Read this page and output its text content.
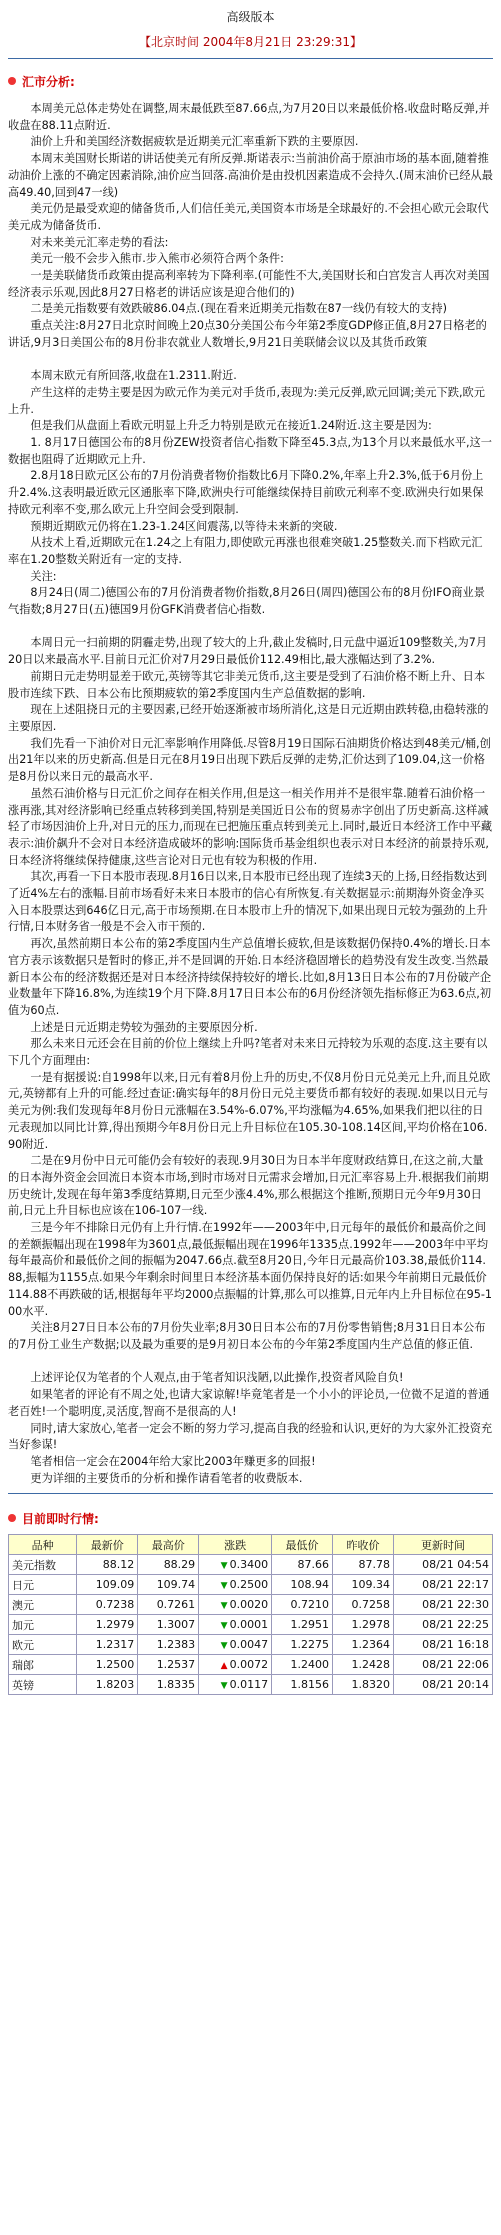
高级版本
【北京时间 2004年8月21日 23:29:31】
汇市分析:

本周美元总体走势处在调整,周末最低跌至87.66点,为7月20日以来最低价格.收盘时略反弹,并收盘在88.11点附近.

油价上升和美国经济数据疲软是近期美元汇率重新下跌的主要原因.

本周末美国财长斯诺的讲话使美元有所反弹.斯诺表示:当前油价高于原油市场的基本面,随着推动油价上涨的不确定因素消除,油价应当回落.高油价是由投机因素造成不会持久.(周末油价已经从最高49.40,回到47一线)

美元仍是最受欢迎的储备货币,人们信任美元,美国资本市场是全球最好的.不会担心欧元会取代美元成为储备货币.

对未来美元汇率走势的看法:

美元一般不会步入熊市.步入熊市必须符合两个条件:

一是美联储货币政策由提高利率转为下降利率.(可能性不大,美国财长和白宫发言人再次对美国经济表示乐观,因此8月27日格老的讲话应该是迎合他们的)

二是美元指数要有效跌破86.04点.(现在看来近期美元指数在87一线仍有较大的支持)

重点关注:8月27日北京时间晚上20点30分美国公布今年第2季度GDP修正值,8月27日格老的讲话,9月3日美国公布的8月份非农就业人数增长,9月21日美联储会议以及其货币政策

本周末欧元有所回落,收盘在1.2311.附近.

产生这样的走势主要是因为欧元作为美元对手货币,表现为:美元反弹,欧元回调;美元下跌,欧元上升.

但是我们从盘面上看欧元明显上升乏力特别是欧元在接近1.24附近.这主要是因为:

1. 8月17日德国公布的8月份ZEW投资者信心指数下降至45.3点,为13个月以来最低水平,这一数据也阻碍了近期欧元上升.

2.8月18日欧元区公布的7月份消费者物价指数比6月下降0.2%,年率上升2.3%,低于6月份上升2.4%.这表明最近欧元区通胀率下降,欧洲央行可能继续保持目前欧元利率不变.欧洲央行如果保持欧元利率不变,那么欧元上升空间会受到限制.

预期近期欧元仍将在1.23-1.24区间震荡,以等待未来新的突破.

从技术上看,近期欧元在1.24之上有阻力,即使欧元再涨也很难突破1.25整数关.而下档欧元汇率在1.20整数关附近有一定的支持.

关注:

8月24日(周二)德国公布的7月份消费者物价指数,8月26日(周四)德国公布的8月份IFO商业景气指数;8月27日(五)德国9月份GFK消费者信心指数.

本周日元一扫前期的阴霾走势,出现了较大的上升,截止发稿时,日元盘中逼近109整数关,为7月20日以来最高水平.目前日元汇价对7月29日最低价112.49相比,最大涨幅达到了3.2%.

前期日元走势明显差于欧元,英镑等其它非美元货币,这主要是受到了石油价格不断上升、日本股市连续下跌、日本公布比预期疲软的第2季度国内生产总值数据的影响.

现在上述阻挠日元的主要因素,已经开始逐渐被市场所消化,这是日元近期由跌转稳,由稳转涨的主要原因.

我们先看一下油价对日元汇率影响作用降低.尽管8月19日国际石油期货价格达到48美元/桶,创出21年以来的历史新高.但是日元在8月19日出现下跌后反弹的走势,汇价达到了109.04,这一价格是8月份以来日元的最高水平.

虽然石油价格与日元汇价之间存在相关作用,但是这一相关作用并不是很牢靠.随着石油价格一涨再涨,其对经济影响已经重点转移到美国,特别是美国近日公布的贸易赤字创出了历史新高.这样减轻了市场因油价上升,对日元的压力,而现在已把施压重点转到美元上.同时,最近日本经济工作中平藏表示:油价飙升不会对日本经济造成破坏的影响:国际货币基金组织也表示对日本经济的前景持乐观,日本经济将继续保持健康,这些言论对日元也有较为积极的作用.

其次,再看一下日本股市表现.8月16日以来,日本股市已经出现了连续3天的上扬,日经指数达到了近4%左右的涨幅.目前市场看好未来日本股市的信心有所恢复.有关数据显示:前期海外资金净买入日本股票达到646亿日元,高于市场预期.在日本股市上升的情况下,如果出现日元较为强劲的上升行情,日本财务省一般是不会入市干预的.

再次,虽然前期日本公布的第2季度国内生产总值增长疲软,但是该数据仍保持0.4%的增长.日本官方表示该数据只是暂时的修正,并不是回调的开始.日本经济稳固增长的趋势没有发生改变.当然最新日本公布的经济数据还是对日本经济持续保持较好的增长.比如,8月13日日本公布的7月份破产企业数量年下降16.8%,为连续19个月下降.8月17日日本公布的6月份经济领先指标修正为63.6点,初值为60点.

上述是日元近期走势较为强劲的主要原因分析.

那么未来日元还会在目前的价位上继续上升吗?笔者对未来日元持较为乐观的态度.这主要有以下几个方面理由:

一是有据援说:自1998年以来,日元有着8月份上升的历史,不仅8月份日元兑美元上升,而且兑欧元,英镑都有上升的可能.经过查证:确实每年的8月份日元兑主要货币都有较好的表现.如果以日元与美元为例:我们发现每年8月份日元涨幅在3.54%-6.07%,平均涨幅为4.65%,如果我们把以往的日元表现加以同比计算,得出预期今年8月份日元上升目标位在105.30-108.14区间,平均价格在106.90附近.

二是在9月份中日元可能仍会有较好的表现.9月30日为日本半年度财政结算日,在这之前,大量的日本海外资金会回流日本资本市场,到时市场对日元需求会增加,日元汇率容易上升.根据我们前期历史统计,发现在每年第3季度结算期,日元至少涨4.4%,那么根据这个推断,预期日元今年9月30日前,日元上升目标也应该在106-107一线.

三是今年不排除日元仍有上升行情.在1992年——2003年中,日元每年的最低价和最高价之间的差额振幅出现在1998年为3601点,最低振幅出现在1996年1335点.1992年——2003年中平均每年最高价和最低价之间的振幅为2047.66点.截至8月20日,今年日元最高价103.38,最低价114.88,振幅为1155点.如果今年剩余时间里日本经济基本面仍保持良好的话:如果今年前期日元最低价114.88不再跌破的话,根据每年平均2000点振幅的计算,那么可以推算,日元年内上升目标位在95-100水平.

关注8月27日日本公布的7月份失业率;8月30日日本公布的7月份零售销售;8月31日日本公布的7月份工业生产数据;以及最为重要的是9月初日本公布的今年第2季度国内生产总值的修正值.

上述评论仅为笔者的个人观点,由于笔者知识浅陋,以此操作,投资者风险自负!

如果笔者的评论有不周之处,也请大家谅解!毕竟笔者是一个小小的评论员,一位微不足道的普通老百姓!一个聪明度,灵活度,智商不是很高的人!

同时,请大家放心,笔者一定会不断的努力学习,提高自我的经验和认识,更好的为大家外汇投资充当好参谋!

笔者相信一定会在2004年给大家比2003年赚更多的回报!

更为详细的主要货币的分析和操作请看笔者的收费版本.

目前即时行情:
品种	最新价	最高价	涨跌	最低价	昨收价	更新时间
美元指数	88.12	88.29	▼ 0.3400	87.66	87.78	08/21 04:54
日元	109.09	109.74	▼ 0.2500	108.94	109.34	08/21 22:17
澳元	0.7238	0.7261	▼ 0.0020	0.7210	0.7258	08/21 22:30
加元	1.2979	1.3007	▼ 0.0001	1.2951	1.2978	08/21 22:25
欧元	1.2317	1.2383	▼ 0.0047	1.2275	1.2364	08/21 16:18
瑞郎	1.2500	1.2537	▲ 0.0072	1.2400	1.2428	08/21 22:06
英镑	1.8203	1.8335	▼ 0.0117	1.8156	1.8320	08/21 20:14
